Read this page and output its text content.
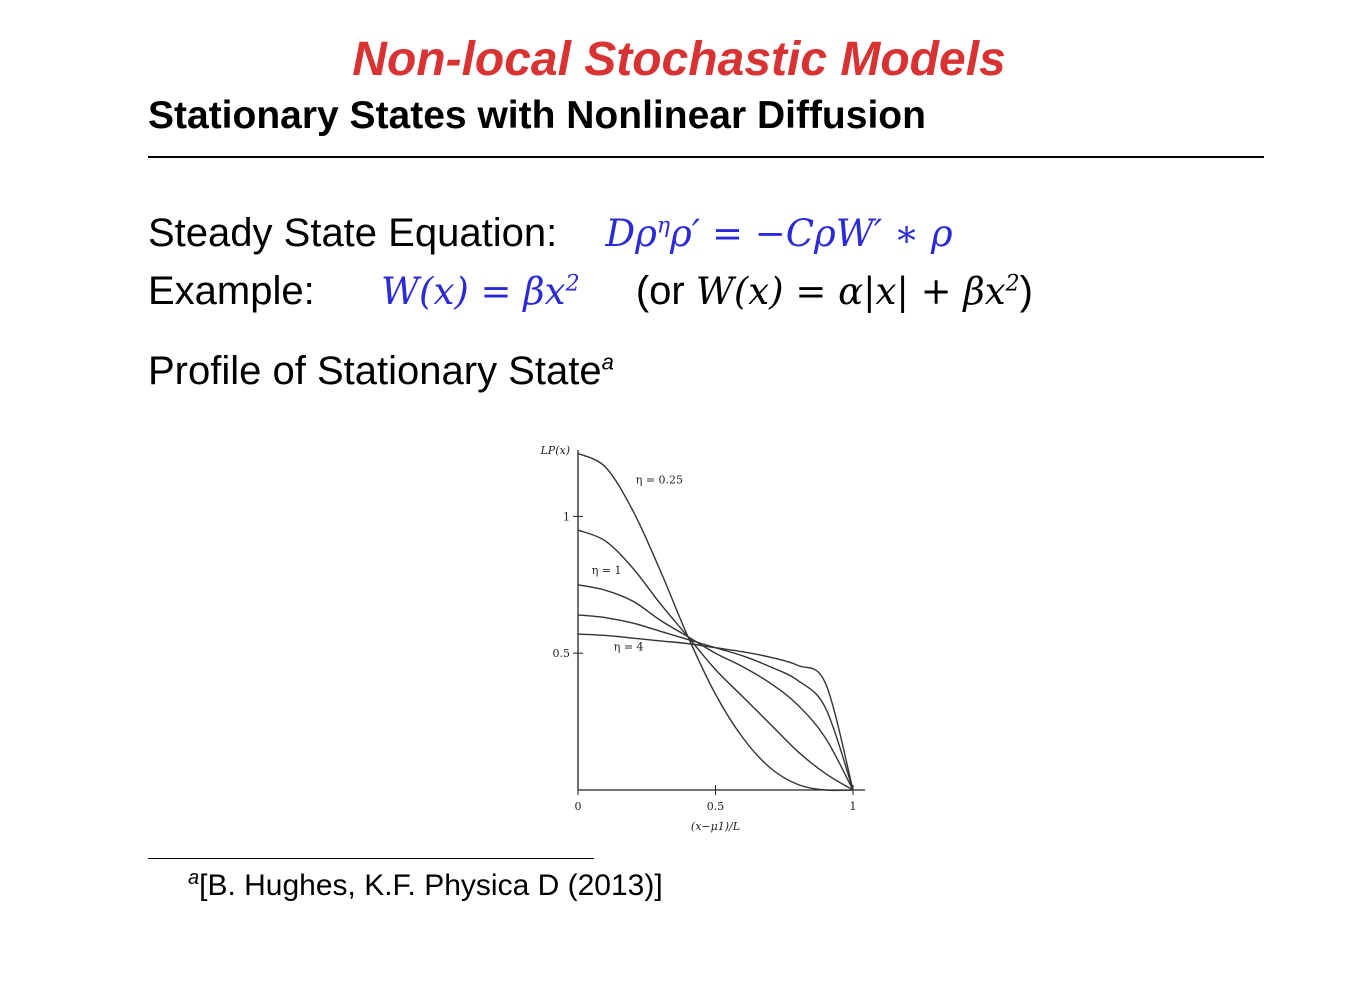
Non-local Stochastic Models
Stationary States with Nonlinear Diffusion
Steady State Equation: $D\rho^\eta\rho' = -C\rho W'$ ∗ ρ
Example: $W(x) = \beta x^2$ (or $W(x) = \alpha|x| + \beta x^2$)
Profile of Stationary State$^a$
0	0.5	1
0.5
1
LP(x)
(x−μ1)/L
η = 0.25
η = 1
η = 4
$^a$[B. Hughes, K.F. Physica D (2013)]
